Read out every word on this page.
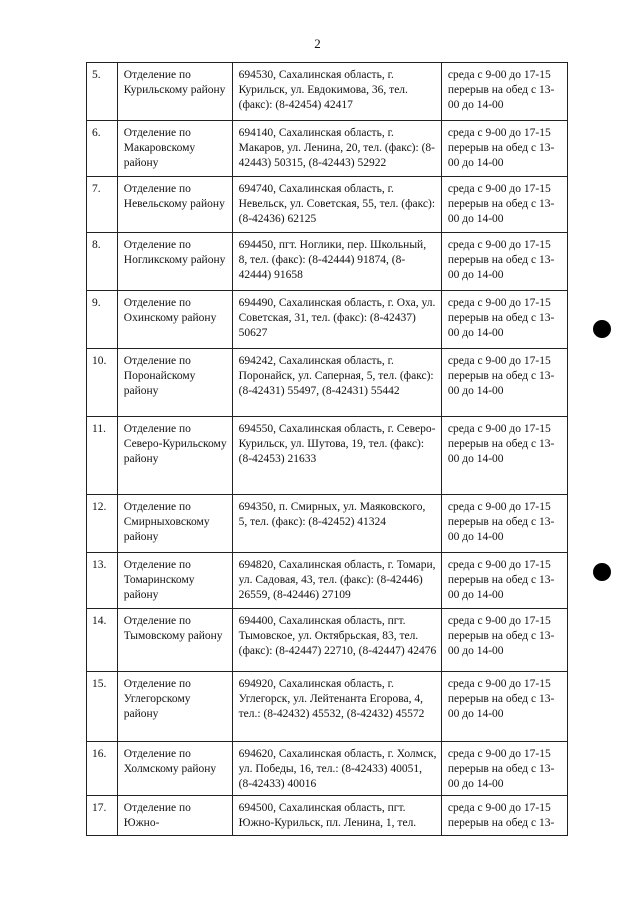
2
5.	Отделение по Курильскому району	694530, Сахалинская область, г. Курильск, ул. Евдокимова, 36, тел. (факс): (8-42454) 42417	среда с 9-00 до 17-15 перерыв на обед с 13-00 до 14-00
6.	Отделение по Макаровскому району	694140, Сахалинская область, г. Макаров, ул. Ленина, 20, тел. (факс): (8-42443) 50315, (8-42443) 52922	среда с 9-00 до 17-15 перерыв на обед с 13-00 до 14-00
7.	Отделение по Невельскому району	694740, Сахалинская область, г. Невельск, ул. Советская, 55, тел. (факс): (8-42436) 62125	среда с 9-00 до 17-15 перерыв на обед с 13-00 до 14-00
8.	Отделение по Ногликскому району	694450, пгт. Ноглики, пер. Школьный, 8, тел. (факс): (8-42444) 91874, (8-42444) 91658	среда с 9-00 до 17-15 перерыв на обед с 13-00 до 14-00
9.	Отделение по Охинскому району	694490, Сахалинская область, г. Оха, ул. Советская, 31, тел. (факс): (8-42437) 50627	среда с 9-00 до 17-15 перерыв на обед с 13-00 до 14-00
10.	Отделение по Поронайскому району	694242, Сахалинская область, г. Поронайск, ул. Саперная, 5, тел. (факс): (8-42431) 55497, (8-42431) 55442	среда с 9-00 до 17-15 перерыв на обед с 13-00 до 14-00
11.	Отделение по Северо-Курильскому району	694550, Сахалинская область, г. Северо-Курильск, ул. Шутова, 19, тел. (факс): (8-42453) 21633	среда с 9-00 до 17-15 перерыв на обед с 13-00 до 14-00
12.	Отделение по Смирныховскому району	694350, п. Смирных, ул. Маяковского, 5, тел. (факс): (8-42452) 41324	среда с 9-00 до 17-15 перерыв на обед с 13-00 до 14-00
13.	Отделение по Томаринскому району	694820, Сахалинская область, г. Томари, ул. Садовая, 43, тел. (факс): (8-42446) 26559, (8-42446) 27109	среда с 9-00 до 17-15 перерыв на обед с 13-00 до 14-00
14.	Отделение по Тымовскому району	694400, Сахалинская область, пгт. Тымовское, ул. Октябрьская, 83, тел. (факс): (8-42447) 22710, (8-42447) 42476	среда с 9-00 до 17-15 перерыв на обед с 13-00 до 14-00
15.	Отделение по Углегорскому району	694920, Сахалинская область, г. Углегорск, ул. Лейтенанта Егорова, 4, тел.: (8-42432) 45532, (8-42432) 45572	среда с 9-00 до 17-15 перерыв на обед с 13-00 до 14-00
16.	Отделение по Холмскому району	694620, Сахалинская область, г. Холмск, ул. Победы, 16, тел.: (8-42433) 40051, (8-42433) 40016	среда с 9-00 до 17-15 перерыв на обед с 13-00 до 14-00
17.	Отделение по Южно-	694500, Сахалинская область, пгт. Южно-Курильск, пл. Ленина, 1, тел.	среда с 9-00 до 17-15 перерыв на обед с 13-
